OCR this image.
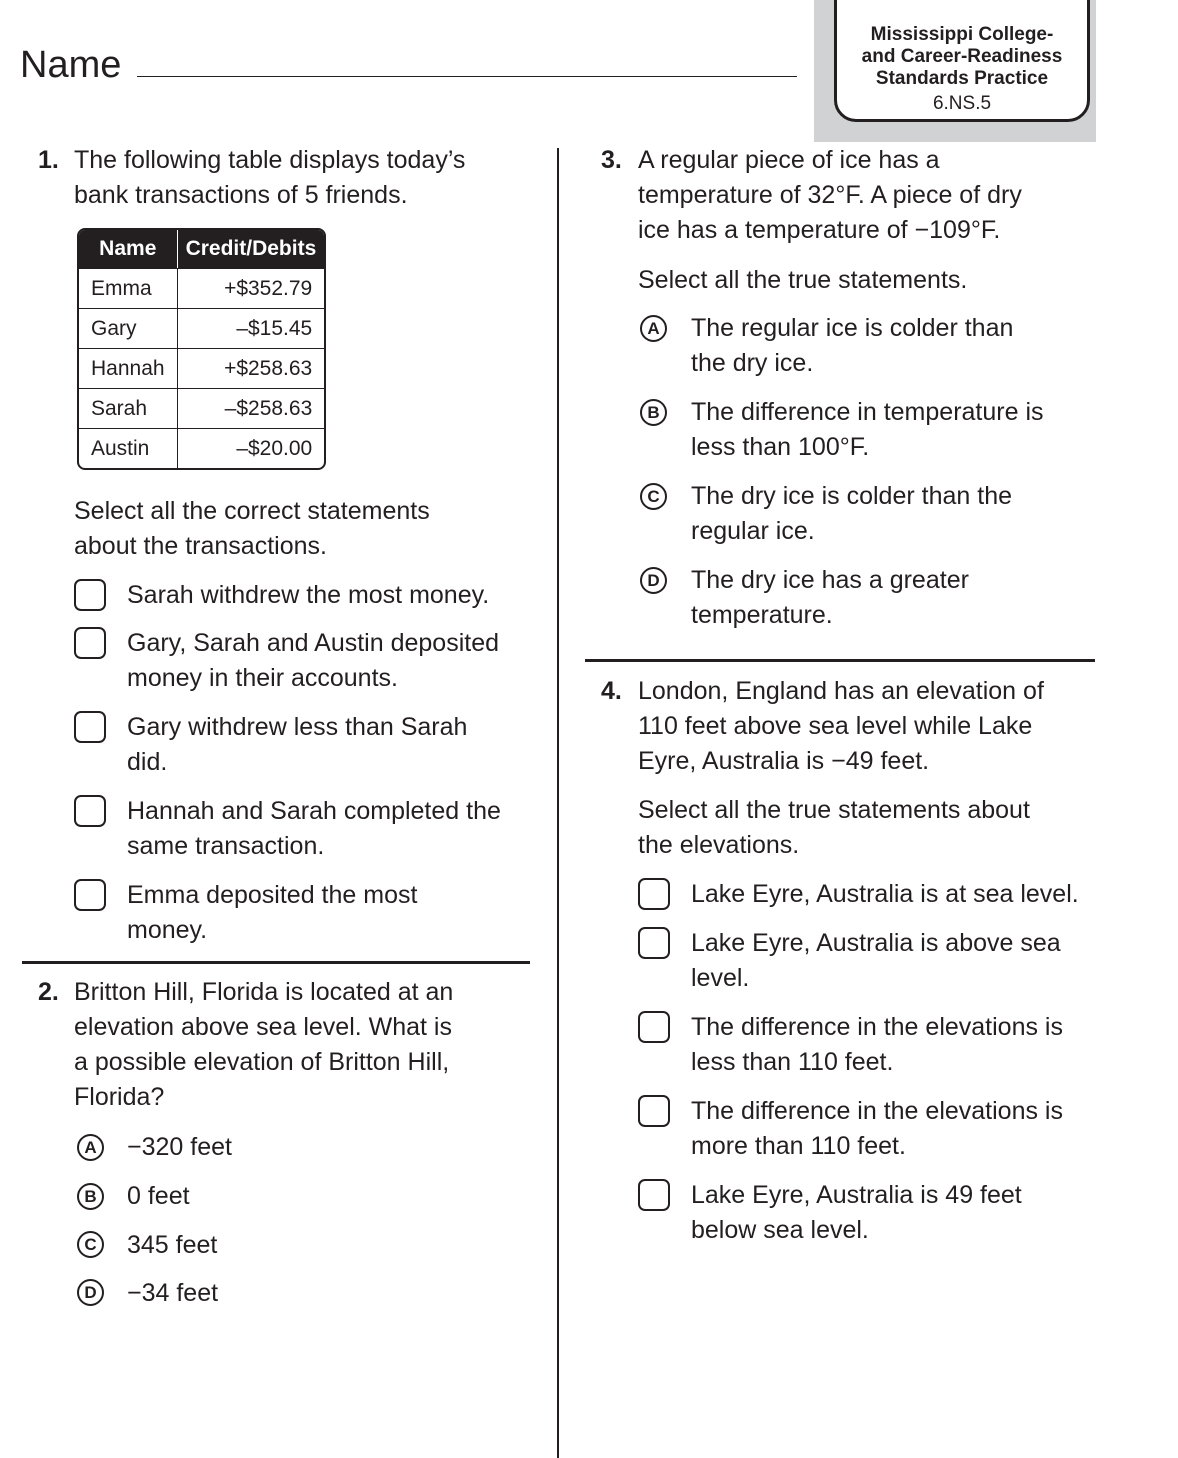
Name
Mississippi College-
and Career-Readiness
Standards Practice
6.NS.5
1. The following table displays today’s
bank transactions of 5 friends.
Name	Credit/Debits
Emma	+$352.79
Gary	–$15.45
Hannah	+$258.63
Sarah	–$258.63
Austin	–$20.00
Select all the correct statements
about the transactions.
Sarah withdrew the most money.
Gary, Sarah and Austin deposited
money in their accounts.
Gary withdrew less than Sarah
did.
Hannah and Sarah completed the
same transaction.
Emma deposited the most
money.
2. Britton Hill, Florida is located at an
elevation above sea level. What is
a possible elevation of Britton Hill,
Florida?
A −320 feet
B 0 feet
C 345 feet
D −34 feet
3. A regular piece of ice has a
temperature of 32°F. A piece of dry
ice has a temperature of −109°F.
Select all the true statements.
A The regular ice is colder than
the dry ice.
B The difference in temperature is
less than 100°F.
C The dry ice is colder than the
regular ice.
D The dry ice has a greater
temperature.
4. London, England has an elevation of
110 feet above sea level while Lake
Eyre, Australia is −49 feet.
Select all the true statements about
the elevations.
Lake Eyre, Australia is at sea level.
Lake Eyre, Australia is above sea
level.
The difference in the elevations is
less than 110 feet.
The difference in the elevations is
more than 110 feet.
Lake Eyre, Australia is 49 feet
below sea level.
